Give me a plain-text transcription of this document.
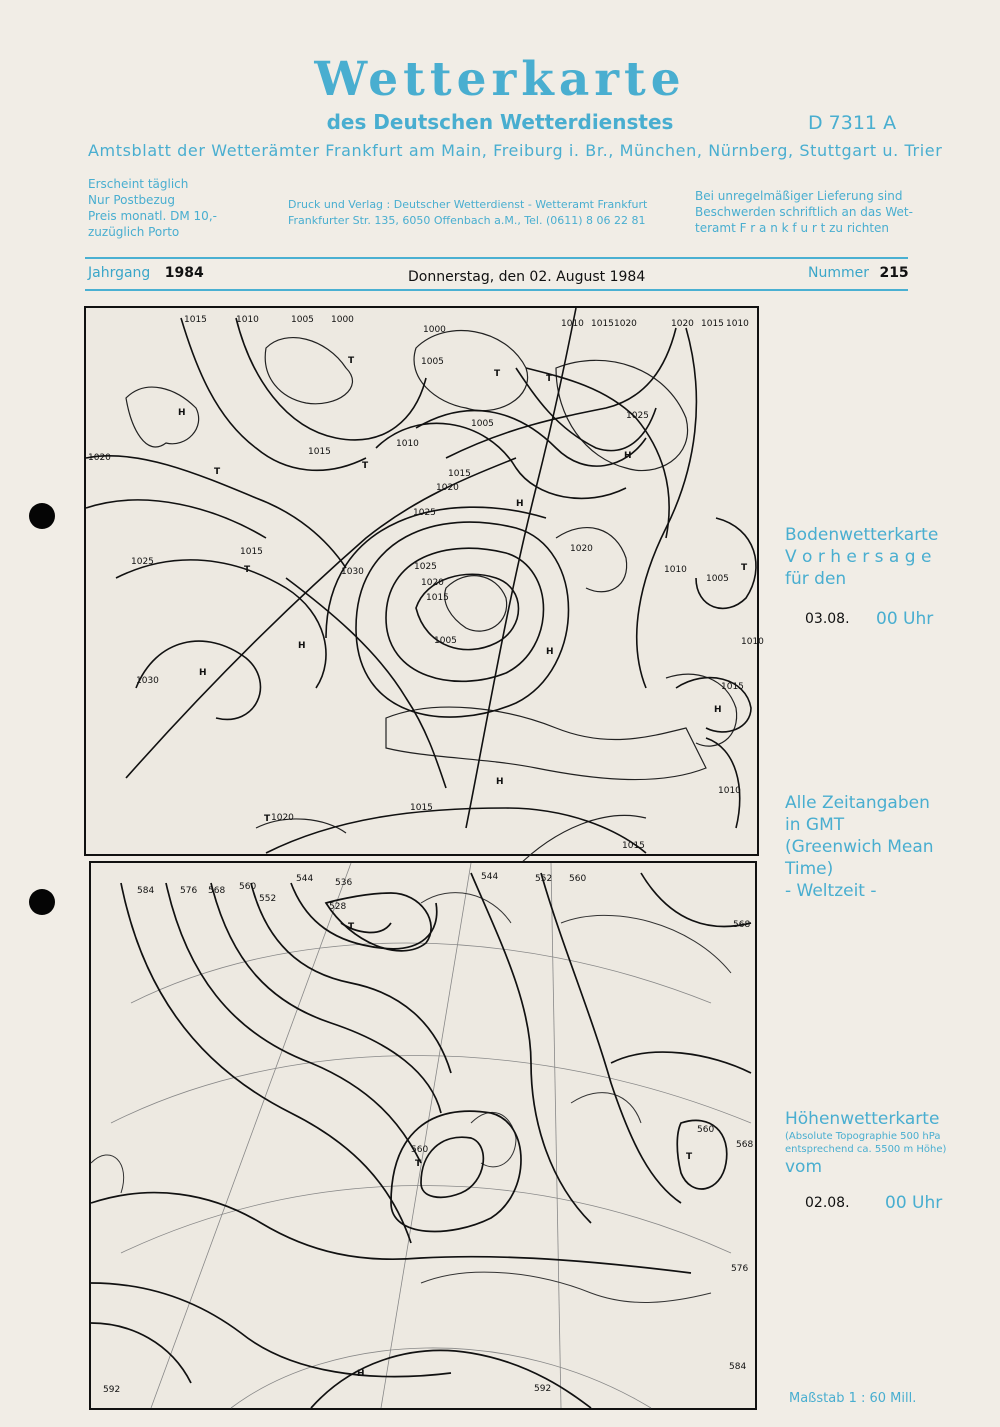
Wetterkarte
des Deutschen Wetterdienstes	D 7311 A
Amtsblatt der Wetterämter Frankfurt am Main, Freiburg i. Br., München, Nürnberg, Stuttgart u. Trier
Erscheint täglich
Nur Postbezug
Preis monatl. DM 10,-
zuzüglich Porto
Druck und Verlag : Deutscher Wetterdienst - Wetteramt Frankfurt
Frankfurter Str. 135, 6050 Offenbach a.M., Tel. (0611) 8 06 22 81
Bei unregelmäßiger Lieferung sind
Beschwerden schriftlich an das Wet-
teramt F r a n k f u r t zu richten
Jahrgang 1984	Donnerstag, den 02. August 1984	Nummer 215
1015	1010	1005 1000
1000
1005
1010 1015 1020	1020 1015 1010
1005
1025
1010
1015
1020
1025
1020
1015
1030
1025
1015
1030
1025
1020
1015
1005
1020
1010
1005
1010
1015
1010
1020
1015
1015
H
T
T
H
T
H
T
H
T
H
H
H
T
H
T
T
Bodenwetterkarte
V o r h e r s a g e
für den
03.08. 00 Uhr
Alle Zeitangaben
in GMT
(Greenwich Mean
Time)
- Weltzeit -
584	576 568 560
552
544 536
528
544	552 560
568
560	568
560
576
584
592	592
T
T
T
H
Höhenwetterkarte
(Absolute Topographie 500 hPa
entsprechend ca. 5500 m Höhe)
vom
02.08. 00 Uhr
Maßstab 1 : 60 Mill.
